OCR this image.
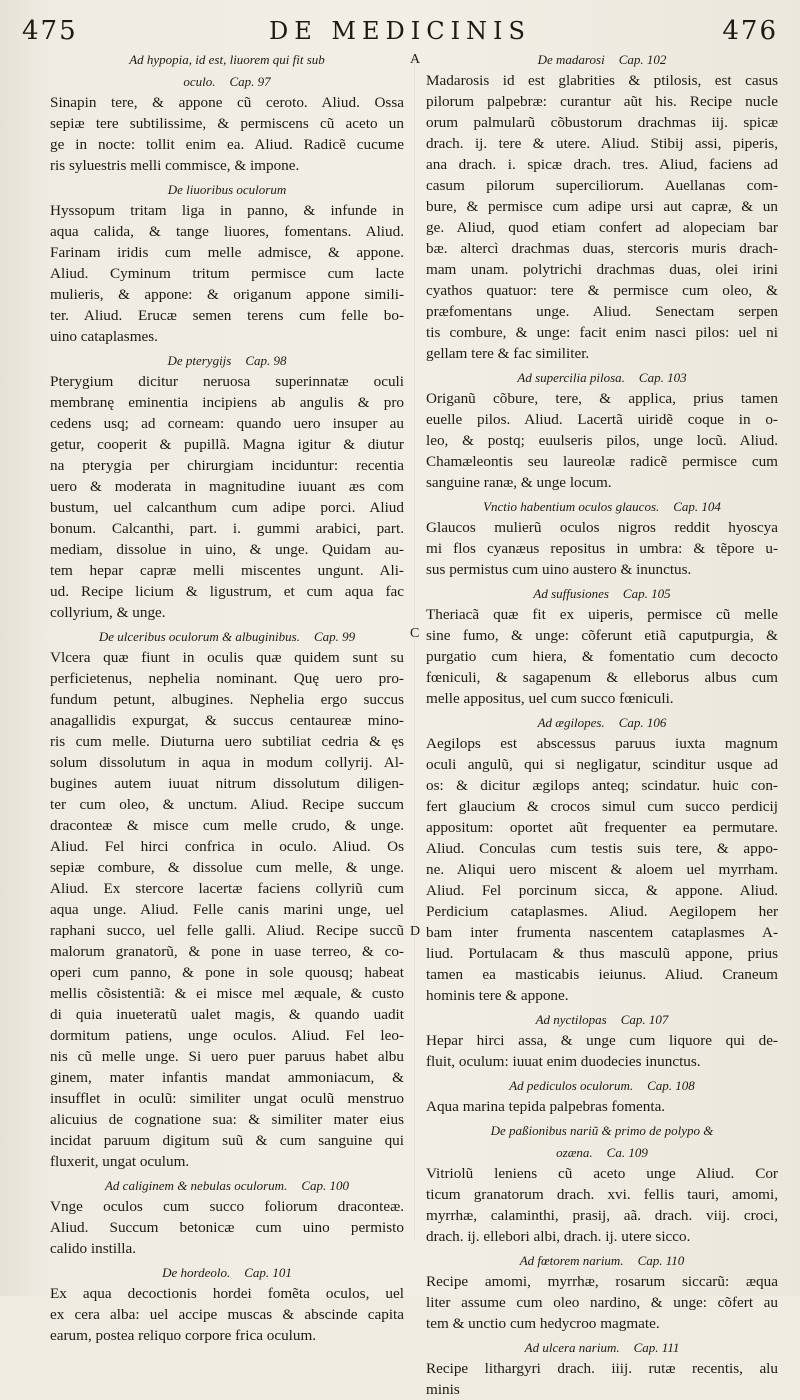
475	DE MEDICINIS	476
A
C
D
Ad hypopia, id est, liuorem qui fit sub
oculo. Cap. 97
Sinapin tere, & appone cũ ceroto. Aliud. Ossa
sepiæ tere subtilissime, & permiscens cũ aceto un
ge in nocte: tollit enim ea. Aliud. Radicẽ cucume
ris syluestris melli commisce, & impone.
De liuoribus oculorum
Hyssopum tritam liga in panno, & infunde in
aqua calida, & tange liuores, fomentans. Aliud.
Farinam iridis cum melle admisce, & appone.
Aliud. Cyminum tritum permisce cum lacte
mulieris, & appone: & origanum appone simili-
ter. Aliud. Erucæ semen terens cum felle bo-
uino cataplasmes.
De pterygijs Cap. 98
Pterygium dicitur neruosa superinnatæ oculi
membranę eminentia incipiens ab angulis & pro
cedens usq; ad corneam: quando uero insuper au
getur, cooperit & pupillã. Magna igitur & diutur
na pterygia per chirurgiam inciduntur: recentia
uero & moderata in magnitudine iuuant æs com
bustum, uel calcanthum cum adipe porci. Aliud
bonum. Calcanthi, part. i. gummi arabici, part.
mediam, dissolue in uino, & unge. Quidam au-
tem hepar capræ melli miscentes ungunt. Ali-
ud. Recipe licium & ligustrum, et cum aqua fac
collyrium, & unge.
De ulceribus oculorum & albuginibus. Cap. 99
Vlcera quæ fiunt in oculis quæ quidem sunt su
perficietenus, nephelia nominant. Quę uero pro-
fundum petunt, albugines. Nephelia ergo succus
anagallidis expurgat, & succus centaureæ mino-
ris cum melle. Diuturna uero subtiliat cedria & ęs
solum dissolutum in aqua in modum collyrij. Al-
bugines autem iuuat nitrum dissolutum diligen-
ter cum oleo, & unctum. Aliud. Recipe succum
draconteæ & misce cum melle crudo, & unge.
Aliud. Fel hirci confrica in oculo. Aliud. Os
sepiæ combure, & dissolue cum melle, & unge.
Aliud. Ex stercore lacertæ faciens collyriũ cum
aqua unge. Aliud. Felle canis marini unge, uel
raphani succo, uel felle galli. Aliud. Recipe succũ
malorum granatorũ, & pone in uase terreo, & co-
operi cum panno, & pone in sole quousq; habeat
mellis cõsistentiã: & ei misce mel æquale, & custo
di quia inueteratũ ualet magis, & quando uadit
dormitum patiens, unge oculos. Aliud. Fel leo-
nis cũ melle unge. Si uero puer paruus habet albu
ginem, mater infantis mandat ammoniacum, &
insufflet in oculũ: similiter ungat oculũ menstruo
alicuius de cognatione sua: & similiter mater eius
incidat paruum digitum suũ & cum sanguine qui
fluxerit, ungat oculum.
Ad caliginem & nebulas oculorum. Cap. 100
Vnge oculos cum succo foliorum draconteæ.
Aliud. Succum betonicæ cum uino permisto
calido instilla.
De hordeolo. Cap. 101
Ex aqua decoctionis hordei fomẽta oculos, uel
ex cera alba: uel accipe muscas & abscinde capita
earum, postea reliquo corpore frica oculum.
De madarosi Cap. 102
Madarosis id est glabrities & ptilosis, est casus
pilorum palpebræ: curantur aũt his. Recipe nucle
orum palmularũ cõbustorum drachmas iij. spicæ
drach. ij. tere & utere. Aliud. Stibij assi, piperis,
ana drach. i. spicæ drach. tres. Aliud, faciens ad
casum pilorum superciliorum. Auellanas com-
bure, & permisce cum adipe ursi aut capræ, & un
ge. Aliud, quod etiam confert ad alopeciam bar
bæ. altercì drachmas duas, stercoris muris drach-
mam unam. polytrichi drachmas duas, olei irini
cyathos quatuor: tere & permisce cum oleo, &
præfomentans unge. Aliud. Senectam serpen
tis combure, & unge: facit enim nasci pilos: uel ni
gellam tere & fac similiter.
Ad supercilia pilosa. Cap. 103
Origanũ cõbure, tere, & applica, prius tamen
euelle pilos. Aliud. Lacertã uiridẽ coque in o-
leo, & postq; euulseris pilos, unge locũ. Aliud.
Chamæleontis seu laureolæ radicẽ permisce cum
sanguine ranæ, & unge locum.
Vnctio habentium oculos glaucos. Cap. 104
Glaucos mulierũ oculos nigros reddit hyoscya
mi flos cyanæus repositus in umbra: & tẽpore u-
sus permistus cum uino austero & inunctus.
Ad suffusiones Cap. 105
Theriacã quæ fit ex uiperis, permisce cũ melle
sine fumo, & unge: cõferunt etiã caputpurgia, &
purgatio cum hiera, & fomentatio cum decocto
fœniculi, & sagapenum & elleborus albus cum
melle appositus, uel cum succo fœniculi.
Ad ægilopes. Cap. 106
Aegilops est abscessus paruus iuxta magnum
oculi angulũ, qui si negligatur, scinditur usque ad
os: & dicitur ægilops anteq; scindatur. huic con-
fert glaucium & crocos simul cum succo perdicij
appositum: oportet aũt frequenter ea permutare.
Aliud. Conculas cum testis suis tere, & appo-
ne. Aliqui uero miscent & aloem uel myrrham.
Aliud. Fel porcinum sicca, & appone. Aliud.
Perdicium cataplasmes. Aliud. Aegilopem her
bam inter frumenta nascentem cataplasmes A-
liud. Portulacam & thus masculũ appone, prius
tamen ea masticabis ieiunus. Aliud. Craneum
hominis tere & appone.
Ad nyctilopas Cap. 107
Hepar hirci assa, & unge cum liquore qui de-
fluit, oculum: iuuat enim duodecies inunctus.
Ad pediculos oculorum. Cap. 108
Aqua marina tepida palpebras fomenta.
De paßionibus nariũ & primo de polypo &
ozæna. Ca. 109
Vitriolũ leniens cũ aceto unge Aliud. Cor
ticum granatorum drach. xvi. fellis tauri, amomi,
myrrhæ, calaminthi, prasij, aã. drach. viij. croci,
drach. ij. ellebori albi, drach. ij. utere sicco.
Ad fœtorem narium. Cap. 110
Recipe amomi, myrrhæ, rosarum siccarũ: æqua
liter assume cum oleo nardino, & unge: cõfert au
tem & unctio cum hedycroo magmate.
Ad ulcera narium. Cap. 111
Recipe lithargyri drach. iiij. rutæ recentis, alu
minis
